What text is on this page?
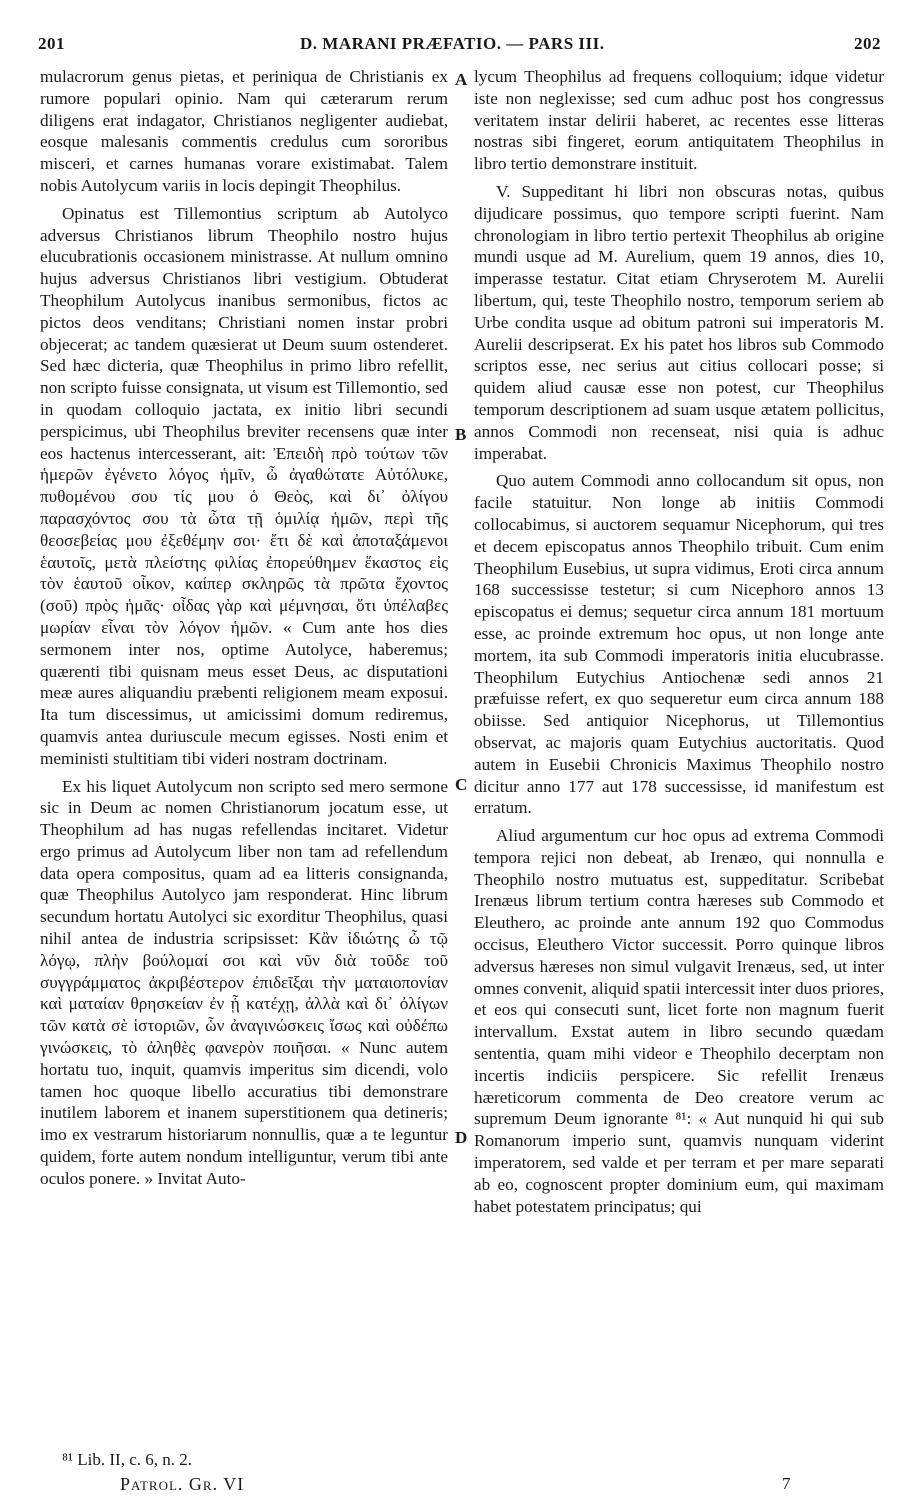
201	D. MARANI PRÆFATIO. — PARS III.	202

mulacrorum genus pietas, et periniqua de Christianis ex rumore populari opinio. Nam qui cæterarum rerum diligens erat indagator, Christianos negligenter audiebat, eosque malesanis commentis credulus cum sororibus misceri, et carnes humanas vorare existimabat. Talem nobis Autolycum variis in locis depingit Theophilus.

Opinatus est Tillemontius scriptum ab Autolyco adversus Christianos librum Theophilo nostro hujus elucubrationis occasionem ministrasse. At nullum omnino hujus adversus Christianos libri vestigium. Obtuderat Theophilum Autolycus inanibus sermonibus, fictos ac pictos deos venditans; Christiani nomen instar probri objecerat; ac tandem quæsierat ut Deum suum ostenderet. Sed hæc dicteria, quæ Theophilus in primo libro refellit, non scripto fuisse consignata, ut visum est Tillemontio, sed in quodam colloquio jactata, ex initio libri secundi perspicimus, ubi Theophilus breviter recensens quæ inter eos hactenus intercesserant, ait: Ἐπειδὴ πρὸ τούτων τῶν ἡμερῶν ἐγένετο λόγος ἡμῖν, ὦ ἀγαθώτατε Αὐτόλυκε, πυθομένου σου τίς μου ὁ Θεὸς, καὶ δι᾽ ὀλίγου παρασχόντος σου τὰ ὦτα τῇ ὁμιλίᾳ ἡμῶν, περὶ τῆς θεοσεβείας μου ἐξεθέμην σοι· ἔτι δὲ καὶ ἀποταξάμενοι ἑαυτοῖς, μετὰ πλείστης φιλίας ἐπορεύθημεν ἕκαστος εἰς τὸν ἑαυτοῦ οἶκον, καίπερ σκληρῶς τὰ πρῶτα ἔχοντος (σοῦ) πρὸς ἡμᾶς· οἶδας γὰρ καὶ μέμνησαι, ὅτι ὑπέλαβες μωρίαν εἶναι τὸν λόγον ἡμῶν. « Cum ante hos dies sermonem inter nos, optime Autolyce, haberemus; quærenti tibi quisnam meus esset Deus, ac disputationi meæ aures aliquandiu præbenti religionem meam exposui. Ita tum discessimus, ut amicissimi domum rediremus, quamvis antea duriuscule mecum egisses. Nosti enim et meministi stultitiam tibi videri nostram doctrinam.

Ex his liquet Autolycum non scripto sed mero sermone sic in Deum ac nomen Christianorum jocatum esse, ut Theophilum ad has nugas refellendas incitaret. Videtur ergo primus ad Autolycum liber non tam ad refellendum data opera compositus, quam ad ea litteris consignanda, quæ Theophilus Autolyco jam responderat. Hinc librum secundum hortatu Autolyci sic exorditur Theophilus, quasi nihil antea de industria scripsisset: Κἂν ἰδιώτης ὦ τῷ λόγῳ, πλὴν βούλομαί σοι καὶ νῦν διὰ τοῦδε τοῦ συγγράμματος ἀκριβέστερον ἐπιδεῖξαι τὴν ματαιοπονίαν καὶ ματαίαν θρησκείαν ἐν ᾗ κατέχῃ, ἀλλὰ καὶ δι᾽ ὀλίγων τῶν κατὰ σὲ ἱστοριῶν, ὧν ἀναγινώσκεις ἴσως καὶ οὐδέπω γινώσκεις, τὸ ἀληθὲς φανερὸν ποιῆσαι. « Nunc autem hortatu tuo, inquit, quamvis imperitus sim dicendi, volo tamen hoc quoque libello accuratius tibi demonstrare inutilem laborem et inanem superstitionem qua detineris; imo ex vestrarum historiarum nonnullis, quæ a te leguntur quidem, forte autem nondum intelliguntur, verum tibi ante oculos ponere. » Invitat Auto-

A
B
C
D

lycum Theophilus ad frequens colloquium; idque videtur iste non neglexisse; sed cum adhuc post hos congressus veritatem instar delirii haberet, ac recentes esse litteras nostras sibi fingeret, eorum antiquitatem Theophilus in libro tertio demonstrare instituit.

V. Suppeditant hi libri non obscuras notas, quibus dijudicare possimus, quo tempore scripti fuerint. Nam chronologiam in libro tertio pertexit Theophilus ab origine mundi usque ad M. Aurelium, quem 19 annos, dies 10, imperasse testatur. Citat etiam Chryserotem M. Aurelii libertum, qui, teste Theophilo nostro, temporum seriem ab Urbe condita usque ad obitum patroni sui imperatoris M. Aurelii descripserat. Ex his patet hos libros sub Commodo scriptos esse, nec serius aut citius collocari posse; si quidem aliud causæ esse non potest, cur Theophilus temporum descriptionem ad suam usque ætatem pollicitus, annos Commodi non recenseat, nisi quia is adhuc imperabat.

Quo autem Commodi anno collocandum sit opus, non facile statuitur. Non longe ab initiis Commodi collocabimus, si auctorem sequamur Nicephorum, qui tres et decem episcopatus annos Theophilo tribuit. Cum enim Theophilum Eusebius, ut supra vidimus, Eroti circa annum 168 successisse testetur; si cum Nicephoro annos 13 episcopatus ei demus; sequetur circa annum 181 mortuum esse, ac proinde extremum hoc opus, ut non longe ante mortem, ita sub Commodi imperatoris initia elucubrasse. Theophilum Eutychius Antiochenæ sedi annos 21 præfuisse refert, ex quo sequeretur eum circa annum 188 obiisse. Sed antiquior Nicephorus, ut Tillemontius observat, ac majoris quam Eutychius auctoritatis. Quod autem in Eusebii Chronicis Maximus Theophilo nostro dicitur anno 177 aut 178 successisse, id manifestum est erratum.

Aliud argumentum cur hoc opus ad extrema Commodi tempora rejici non debeat, ab Irenæo, qui nonnulla e Theophilo nostro mutuatus est, suppeditatur. Scribebat Irenæus librum tertium contra hæreses sub Commodo et Eleuthero, ac proinde ante annum 192 quo Commodus occisus, Eleuthero Victor successit. Porro quinque libros adversus hæreses non simul vulgavit Irenæus, sed, ut inter omnes convenit, aliquid spatii intercessit inter duos priores, et eos qui consecuti sunt, licet forte non magnum fuerit intervallum. Exstat autem in libro secundo quædam sententia, quam mihi videor e Theophilo decerptam non incertis indiciis perspicere. Sic refellit Irenæus hæreticorum commenta de Deo creatore verum ac supremum Deum ignorante ⁸¹: « Aut nunquid hi qui sub Romanorum imperio sunt, quamvis nunquam viderint imperatorem, sed valde et per terram et per mare separati ab eo, cognoscent propter dominium eum, qui maximam habet potestatem principatus; qui

⁸¹ Lib. II, c. 6, n. 2.
Patrol. Gr. VI	7
